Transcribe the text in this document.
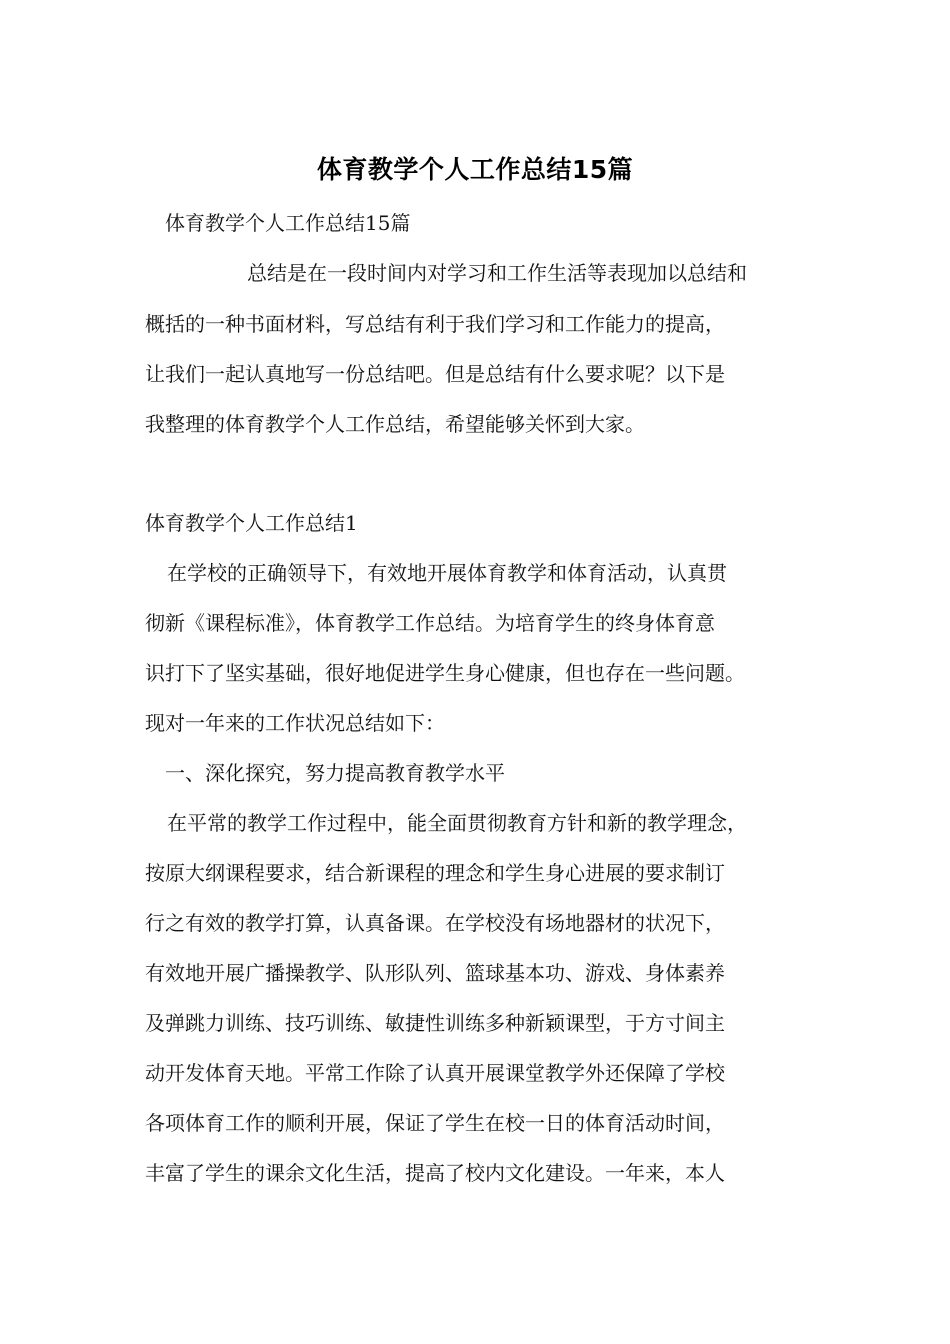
体育教学个人工作总结15篇
体育教学个人工作总结15篇
总结是在一段时间内对学习和工作生活等表现加以总结和
概括的一种书面材料，写总结有利于我们学习和工作能力的提高，
让我们一起认真地写一份总结吧。但是总结有什么要求呢？以下是
我整理的体育教学个人工作总结，希望能够关怀到大家。
体育教学个人工作总结1
在学校的正确领导下，有效地开展体育教学和体育活动，认真贯
彻新《课程标准》，体育教学工作总结。为培育学生的终身体育意
识打下了坚实基础，很好地促进学生身心健康，但也存在一些问题。
现对一年来的工作状况总结如下：
一、深化探究，努力提高教育教学水平
在平常的教学工作过程中，能全面贯彻教育方针和新的教学理念，
按原大纲课程要求，结合新课程的理念和学生身心进展的要求制订
行之有效的教学打算，认真备课。在学校没有场地器材的状况下，
有效地开展广播操教学、队形队列、篮球基本功、游戏、身体素养
及弹跳力训练、技巧训练、敏捷性训练多种新颖课型，于方寸间主
动开发体育天地。平常工作除了认真开展课堂教学外还保障了学校
各项体育工作的顺利开展，保证了学生在校一日的体育活动时间，
丰富了学生的课余文化生活，提高了校内文化建设。一年来，本人
